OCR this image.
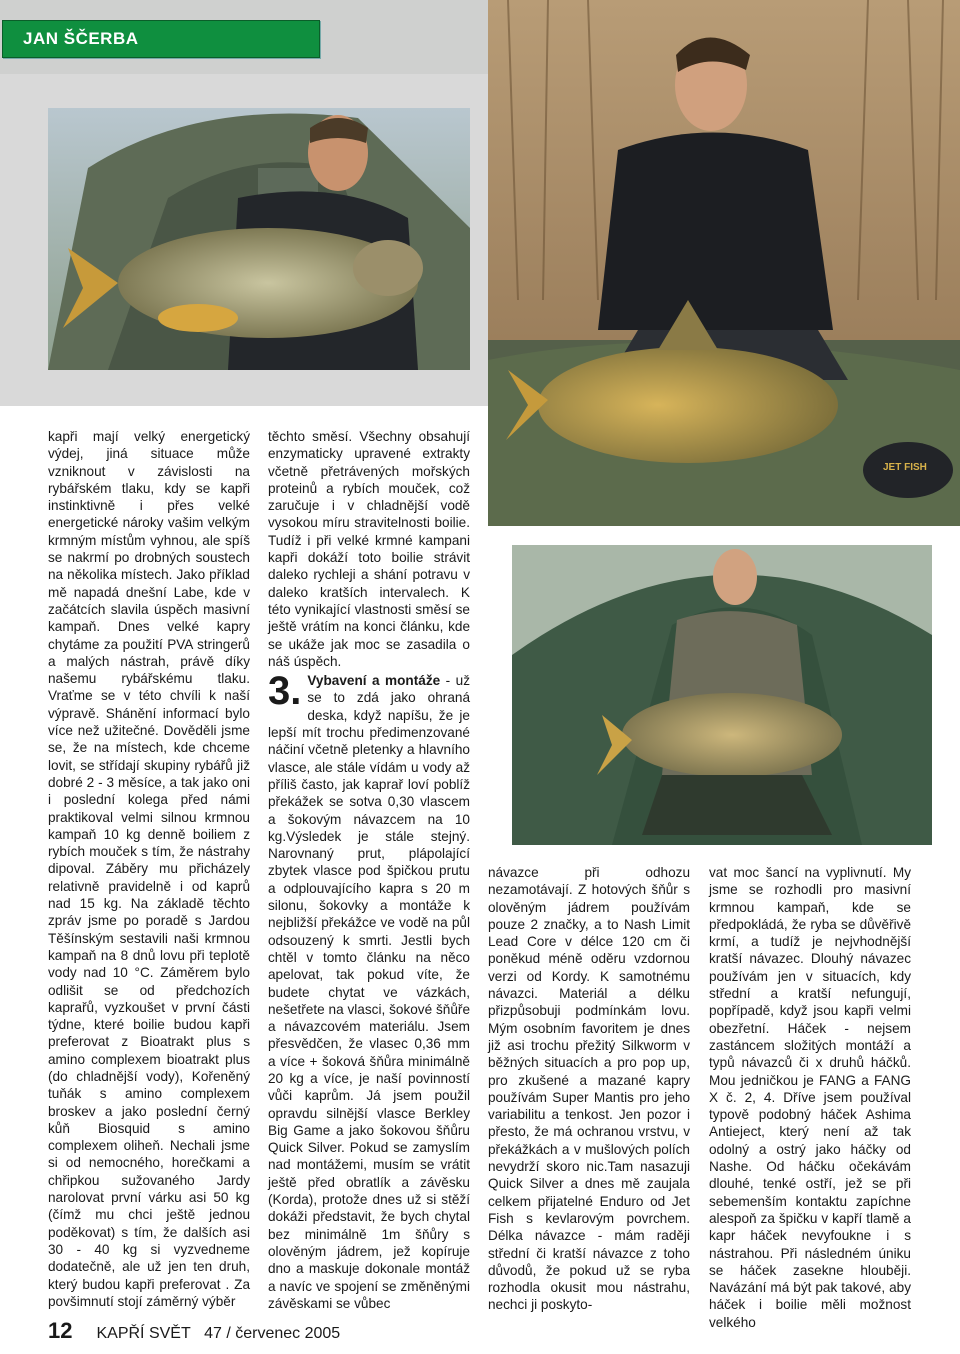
JAN ŠČERBA
JET FISH

kapři mají velký energetický výdej, jiná situace může vzniknout v závislosti na rybářském tlaku, kdy se kapři instinktivně i přes velké energetické nároky vašim velkým krmným místům vyhnou, ale spíš se nakrmí po drobných soustech na několika místech. Jako příklad mě napadá dnešní Labe, kde v začátcích slavila úspěch masivní kampaň. Dnes velké kapry chytáme za použití PVA stringerů a malých nástrah, právě díky našemu rybářskému tlaku. Vraťme se v této chvíli k naší výpravě. Shánění informací bylo více než užitečné. Dověděli jsme se, že na místech, kde chceme lovit, se střídají skupiny rybářů již dobré 2 - 3 měsíce, a tak jako oni i poslední kolega před námi praktikoval velmi silnou krmnou kampaň 10 kg denně boiliem z rybích mouček s tím, že nástrahy dipoval. Záběry mu přicházely relativně pravidelně i od kaprů nad 15 kg. Na základě těchto zpráv jsme po poradě s Jardou Těšínským sestavili naši krmnou kampaň na 8 dnů lovu při teplotě vody nad 10 °C. Záměrem bylo odlišit se od předchozích kaprařů, vyzkoušet v první části týdne, které boilie budou kapři preferovat z Bioatrakt plus s amino complexem bioatrakt plus (do chladnější vody), Kořeněný tuňák s amino complexem broskev a jako poslední černý kůň Biosquid s amino complexem oliheň. Nechali jsme si od nemocného, horečkami a chřipkou sužovaného Jardy narolovat první várku asi 50 kg (čímž mu chci ještě jednou poděkovat) s tím, že dalších asi 30 - 40 kg si vyzvedneme dodatečně, ale už jen ten druh, který budou kapři preferovat . Za povšimnutí stojí záměrný výběr

těchto směsí. Všechny obsahují enzymaticky upravené extrakty včetně přetrávených mořských proteinů a rybích mouček, což zaručuje i v chladnější vodě vysokou míru stravitelnosti boilie. Tudíž i při velké krmné kampani kapři dokáží toto boilie strávit daleko rychleji a shání potravu v daleko kratších intervalech. K této vynikající vlastnosti směsí se ještě vrátím na konci článku, kde se ukáže jak moc se zasadila o náš úspěch.

3. Vybavení a montáže - už se to zdá jako ohraná deska, když napíšu, že je lepší mít trochu předimenzované náčiní včetně pletenky a hlavního vlasce, ale stále vídám u vody až příliš často, jak kaprař loví poblíž překážek se sotva 0,30 vlascem a šokovým návazcem na 10 kg.Výsledek je stále stejný. Narovnaný prut, plápolající zbytek vlasce pod špičkou prutu a odplouvajícího kapra s 20 m silonu, šokovky a montáže k nejbližší překážce ve vodě na půl odsouzený k smrti. Jestli bych chtěl v tomto článku na něco apelovat, tak pokud víte, že budete chytat ve vázkách, nešetřete na vlasci, šokové šňůře a návazcovém materiálu. Jsem přesvědčen, že vlasec 0,36 mm a více + šoková šňůra minimálně 20 kg a více, je naší povinností vůči kaprům. Já jsem použil opravdu silnější vlasce Berkley Big Game a jako šokovou šňůru Quick Silver. Pokud se zamyslím nad montážemi, musím se vrátit ještě před obratlík a závěsku (Korda), protože dnes už si stěží dokáži představit, že bych chytal bez minimálně 1m šňůry s olověným jádrem, jež kopíruje dno a maskuje dokonale montáž a navíc ve spojení se změněnými závěskami se vůbec

návazce při odhozu nezamotávají. Z hotových šňůr s olověným jádrem používám pouze 2 značky, a to Nash Limit Lead Core v délce 120 cm či poněkud méně oděru vzdornou verzi od Kordy. K samotnému návazci. Materiál a délku přizpůsobuji podmínkám lovu. Mým osobním favoritem je dnes již asi trochu přežitý Silkworm v běžných situacích a pro pop up, pro zkušené a mazané kapry používám Super Mantis pro jeho variabilitu a tenkost. Jen pozor i přesto, že má ochranou vrstvu, v překážkách a v mušlových polích nevydrží skoro nic.Tam nasazuji Quick Silver a dnes mě zaujala celkem přijatelné Enduro od Jet Fish s kevlarovým povrchem. Délka návazce - mám raději střední či kratší návazce z toho důvodů, že pokud už se ryba rozhodla okusit mou nástrahu, nechci ji poskyto-

vat moc šancí na vyplivnutí. My jsme se rozhodli pro masivní krmnou kampaň, kde se předpokládá, že ryba se důvěřivě krmí, a tudíž je nejvhodnější kratší návazec. Dlouhý návazec používám jen v situacích, kdy střední a kratší nefungují, popřípadě, když jsou kapři velmi obezřetní. Háček - nejsem zastáncem složitých montáží a typů návazců či x druhů háčků. Mou jedničkou je FANG a FANG X č. 2, 4. Dříve jsem používal typově podobný háček Ashima Antieject, který není až tak odolný a ostrý jako háčky od Nashe. Od háčku očekávám dlouhé, tenké ostří, jež se při sebemenším kontaktu zapíchne alespoň za špičku v kapří tlamě a kapr háček nevyfoukne i s nástrahou. Při následném úniku se háček zasekne hlouběji. Navázání má být pak takové, aby háček i boilie měli možnost velkého

12 KAPŘÍ SVĚT 47 / červenec 2005
